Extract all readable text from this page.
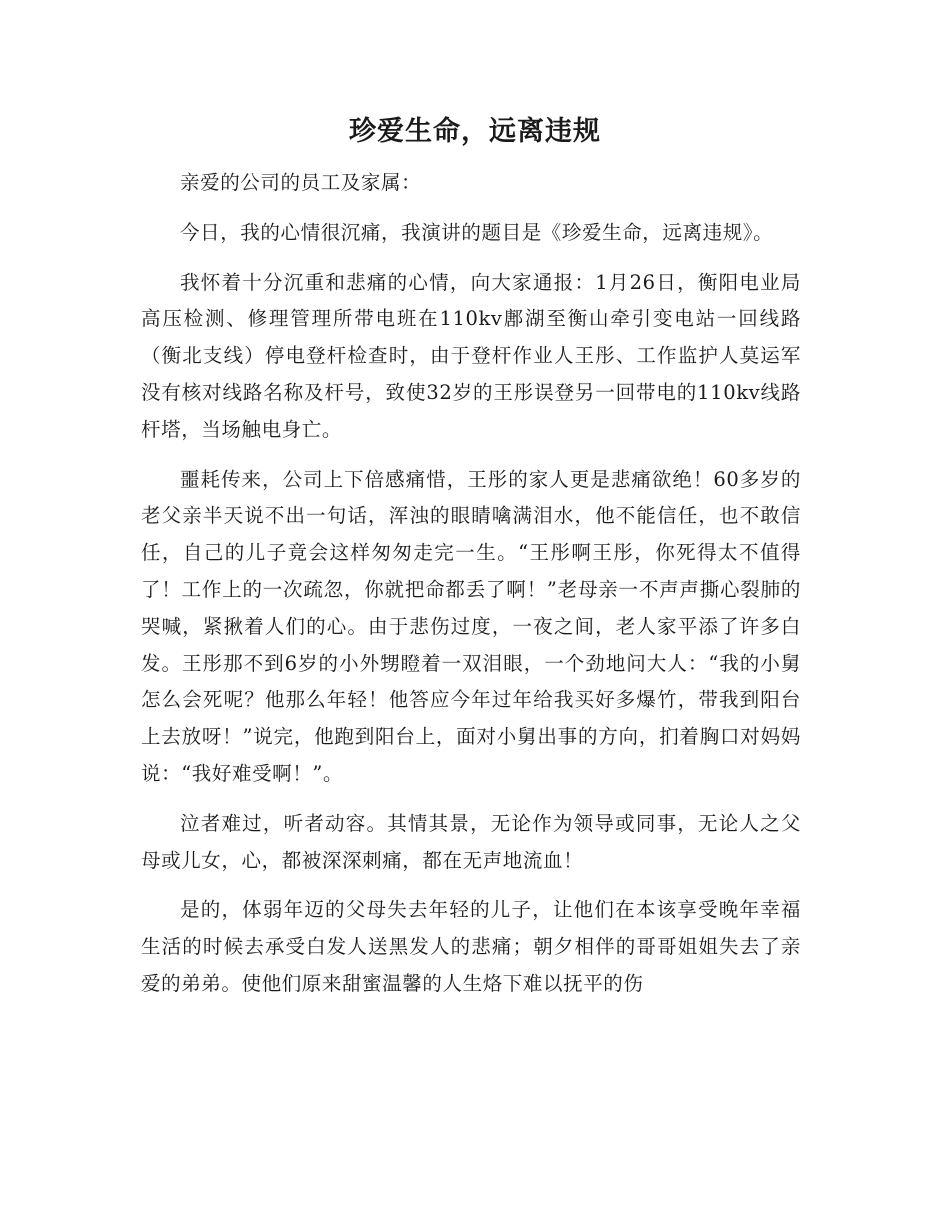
珍爱生命，远离违规

亲爱的公司的员工及家属：

今日，我的心情很沉痛，我演讲的题目是《珍爱生命，远离违规》。

我怀着十分沉重和悲痛的心情，向大家通报：1月26日，衡阳电业局高压检测、修理管理所带电班在110kv鄌湖至衡山牵引变电站一回线路（衡北支线）停电登杆检查时，由于登杆作业人王彤、工作监护人莫运军没有核对线路名称及杆号，致使32岁的王彤误登另一回带电的110kv线路杆塔，当场触电身亡。

噩耗传来，公司上下倍感痛惜，王彤的家人更是悲痛欲绝！60多岁的老父亲半天说不出一句话，浑浊的眼睛噙满泪水，他不能信任，也不敢信任，自己的儿子竟会这样匆匆走完一生。“王彤啊王彤，你死得太不值得了！工作上的一次疏忽，你就把命都丢了啊！”老母亲一不声声撕心裂肺的哭喊，紧揪着人们的心。由于悲伤过度，一夜之间，老人家平添了许多白发。王彤那不到6岁的小外甥瞪着一双泪眼，一个劲地问大人：“我的小舅怎么会死呢？他那么年轻！他答应今年过年给我买好多爆竹，带我到阳台上去放呀！”说完，他跑到阳台上，面对小舅出事的方向，扪着胸口对妈妈说：“我好难受啊！”。

泣者难过，听者动容。其情其景，无论作为领导或同事，无论人之父母或儿女，心，都被深深刺痛，都在无声地流血！

是的，体弱年迈的父母失去年轻的儿子，让他们在本该享受晚年幸福生活的时候去承受白发人送黑发人的悲痛；朝夕相伴的哥哥姐姐失去了亲爱的弟弟。使他们原来甜蜜温馨的人生烙下难以抚平的伤
